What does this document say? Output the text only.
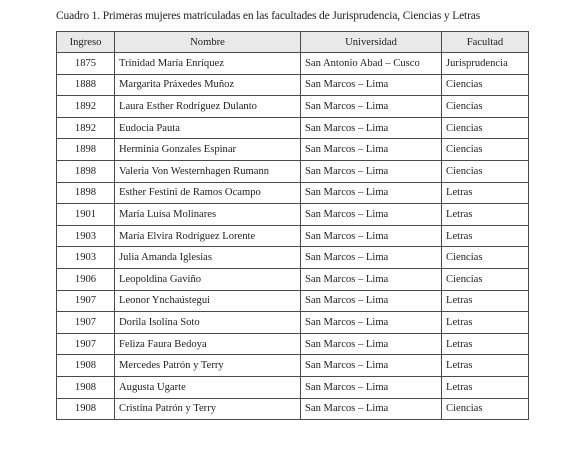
Cuadro 1. Primeras mujeres matriculadas en las facultades de Jurisprudencia, Ciencias y Letras
Ingreso	Nombre	Universidad	Facultad
1875	Trinidad María Enríquez	San Antonio Abad – Cusco	Jurisprudencia
1888	Margarita Práxedes Muñoz	San Marcos – Lima	Ciencias
1892	Laura Esther Rodríguez Dulanto	San Marcos – Lima	Ciencias
1892	Eudocia Pauta	San Marcos – Lima	Ciencias
1898	Herminia Gonzales Espinar	San Marcos – Lima	Ciencias
1898	Valeria Von Westernhagen Rumann	San Marcos – Lima	Ciencias
1898	Esther Festini de Ramos Ocampo	San Marcos – Lima	Letras
1901	María Luisa Molinares	San Marcos – Lima	Letras
1903	María Elvira Rodríguez Lorente	San Marcos – Lima	Letras
1903	Julia Amanda Iglesias	San Marcos – Lima	Ciencias
1906	Leopoldina Gaviño	San Marcos – Lima	Ciencias
1907	Leonor Ynchaústegui	San Marcos – Lima	Letras
1907	Dorila Isolina Soto	San Marcos – Lima	Letras
1907	Feliza Faura Bedoya	San Marcos – Lima	Letras
1908	Mercedes Patrón y Terry	San Marcos – Lima	Letras
1908	Augusta Ugarte	San Marcos – Lima	Letras
1908	Cristina Patrón y Terry	San Marcos – Lima	Ciencias
